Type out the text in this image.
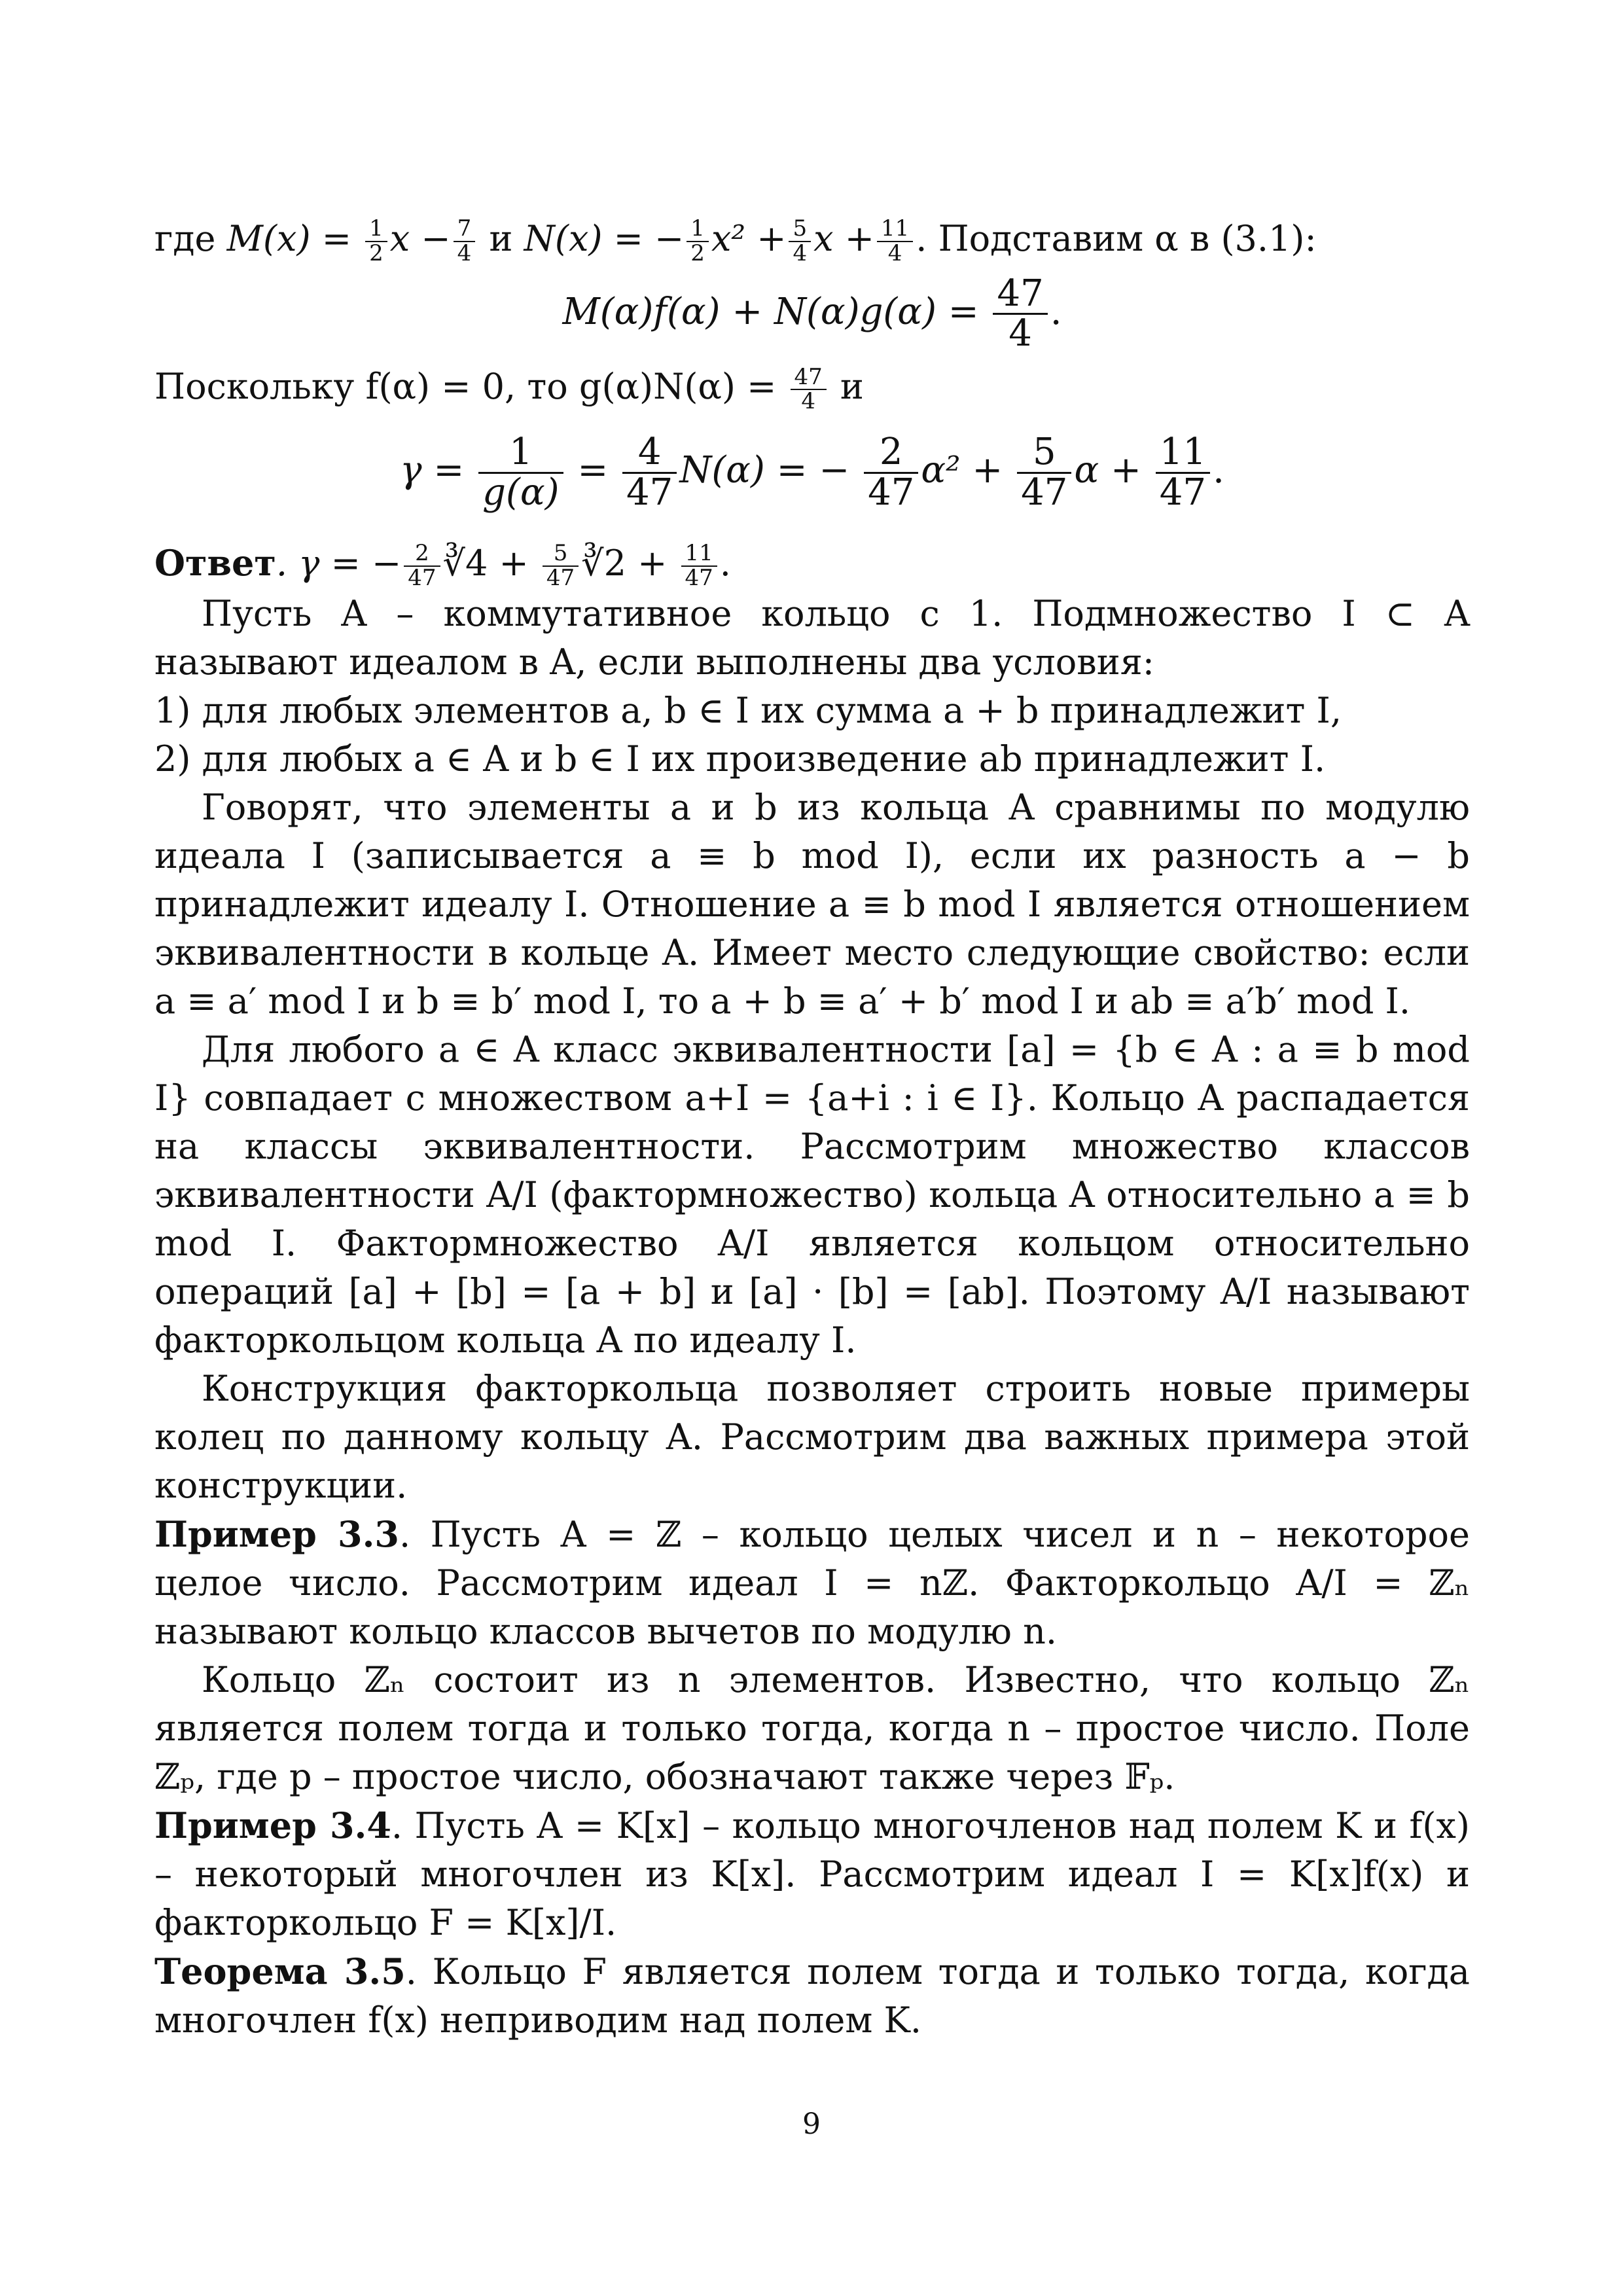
где $M(x) = \frac{1}{2}$ $x - \frac{7}{4}$ и N(x) = − $\frac{1}{2} x^2 + \frac{5}{4}$ $x + \frac{11}{4}$ . Подставим α в (3.1):

$M(\alpha)f(\alpha) + N(\alpha)g(\alpha) = \frac{47}{4}$ .

Поскольку f(α) = 0, то $g(\alpha)N(\alpha) = \frac{47}{4}$ и

$\gamma = \frac{1}{g(\alpha)} = \frac{4}{47} N(\alpha)$ = − $\frac{2}{47} \alpha^2 + \frac{5}{47}$ $\alpha + \frac{11}{47}$ .

Ответ. γ = − $\frac{2}{47}$ ∛4 + $\frac{5}{47}$ ∛2 + $\frac{11}{47}$ .

Пусть A – коммутативное кольцо с 1. Подмножество I ⊂ A называют идеалом в A, если выполнены два условия:

1) для любых элементов a, b ∈ I их сумма a + b принадлежит I,

2) для любых a ∈ A и b ∈ I их произведение ab принадлежит I.

Говорят, что элементы a и b из кольца A сравнимы по модулю идеала I (записывается a ≡ b mod I), если их разность a − b принадлежит идеалу I. Отношение a ≡ b mod I является отношением эквивалентности в кольце A. Имеет место следующие свойство: если a ≡ a′ mod I и b ≡ b′ mod I, то a + b ≡ a′ + b′ mod I и ab ≡ a′b′ mod I.

Для любого a ∈ A класс эквивалентности [a] = {b ∈ A : a ≡ b mod I} совпадает с множеством a+I = {a+i : i ∈ I}. Кольцо A распадается на классы эквивалентности. Рассмотрим множество классов эквивалентности A/I (фактормножество) кольца A относительно a ≡ b mod I. Фактормножество A/I является кольцом относительно операций [a] + [b] = [a + b] и [a] · [b] = [ab]. Поэтому A/I называют факторкольцом кольца A по идеалу I.

Конструкция факторкольца позволяет строить новые примеры колец по данному кольцу A. Рассмотрим два важных примера этой конструкции.

Пример 3.3. Пусть A = ℤ – кольцо целых чисел и n – некоторое целое число. Рассмотрим идеал I = nℤ. Факторкольцо A/I = ℤₙ называют кольцо классов вычетов по модулю n.

Кольцо ℤₙ состоит из n элементов. Известно, что кольцо ℤₙ является полем тогда и только тогда, когда n – простое число. Поле ℤₚ, где p – простое число, обозначают также через 𝔽ₚ.

Пример 3.4. Пусть A = K[x] – кольцо многочленов над полем K и f(x) – некоторый многочлен из K[x]. Рассмотрим идеал I = K[x]f(x) и факторкольцо F = K[x]/I.

Теорема 3.5. Кольцо F является полем тогда и только тогда, когда многочлен f(x) неприводим над полем K.

9
